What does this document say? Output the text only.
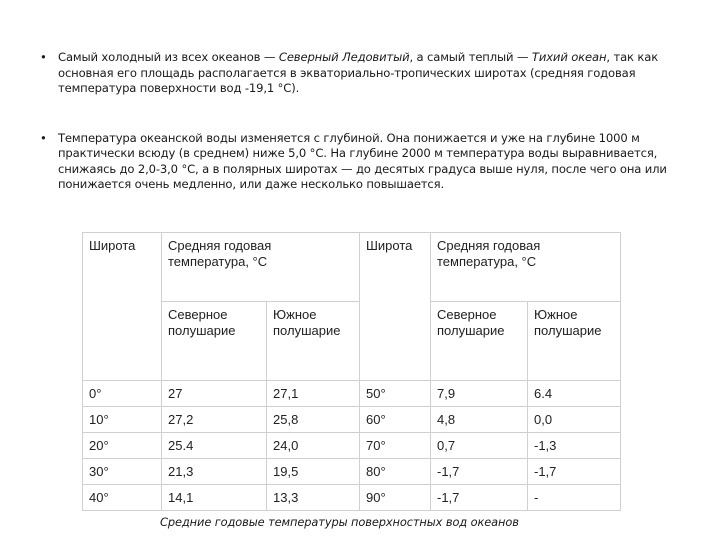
• Самый холодный из всех океанов — Северный Ледовитый, а самый теплый — Тихий океан, так как основная его площадь располагается в экваториально-тропических широтах (средняя годовая температура поверхности вод -19,1 °С).
• Температура океанской воды изменяется с глубиной. Она понижается и уже на глубине 1000 м практически всюду (в среднем) ниже 5,0 °С. На глубине 2000 м температура воды выравнивается, снижаясь до 2,0-3,0 °С, а в полярных широтах — до десятых градуса выше нуля, после чего она или понижается очень медленно, или даже несколько повышается.
Широта	Средняя годовая температура, °С		Широта	Средняя годовая температура, °С	
	Северное полушарие	Южное полушарие		Северное полушарие	Южное полушарие
0°	27	27,1	50°	7,9	6.4
10°	27,2	25,8	60°	4,8	0,0
20°	25.4	24,0	70°	0,7	-1,3
30°	21,3	19,5	80°	-1,7	-1,7
40°	14,1	13,3	90°	-1,7	-
Средние годовые температуры поверхностных вод океанов
